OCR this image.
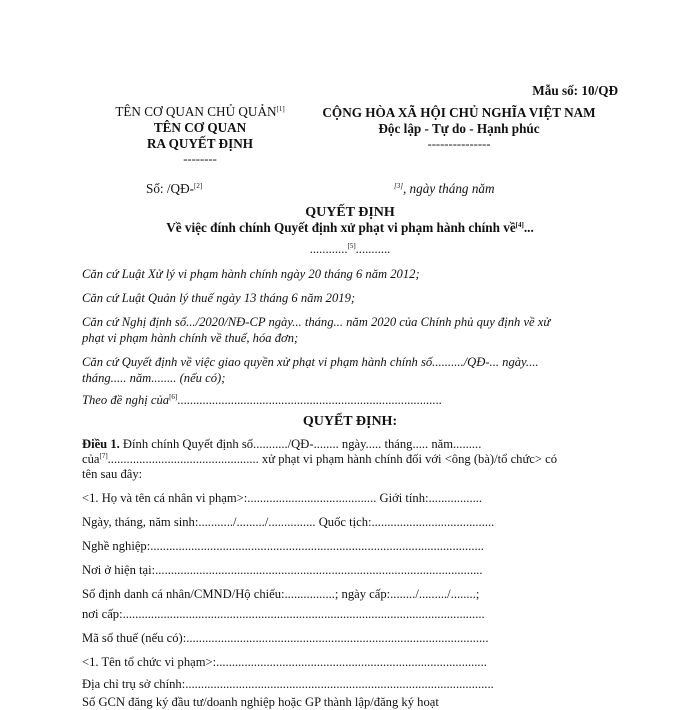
Mẫu số: 10/QĐ
TÊN CƠ QUAN CHỦ QUẢN[1]
TÊN CƠ QUAN
RA QUYẾT ĐỊNH
--------
CỘNG HÒA XÃ HỘI CHỦ NGHĨA VIỆT NAM
Độc lập - Tự do - Hạnh phúc
---------------
Số: /QĐ-[2]	[3], ngày tháng năm
QUYẾT ĐỊNH
Về việc đính chính Quyết định xử phạt vi phạm hành chính về[4]...
............[5]...........
Căn cứ Luật Xử lý vi phạm hành chính ngày 20 tháng 6 năm 2012;
Căn cứ Luật Quản lý thuế ngày 13 tháng 6 năm 2019;
Căn cứ Nghị định số.../2020/NĐ-CP ngày... tháng... năm 2020 của Chính phủ quy định về xử
phạt vi phạm hành chính về thuế, hóa đơn;
Căn cứ Quyết định về việc giao quyền xử phạt vi phạm hành chính số........../QĐ-... ngày....
tháng..... năm........ (nếu có);
Theo đề nghị của[6]....................................................................................
QUYẾT ĐỊNH:
Điều 1. Đính chính Quyết định số.........../QĐ-........ ngày..... tháng..... năm.........
của[7]................................................ xử phạt vi phạm hành chính đối với <ông (bà)/tổ chức> có
tên sau đây:
<1. Họ và tên cá nhân vi phạm>:......................................... Giới tính:.................
Ngày, tháng, năm sinh:.........../........./............... Quốc tịch:.......................................
Nghề nghiệp:..........................................................................................................
Nơi ở hiện tại:........................................................................................................
Số định danh cá nhân/CMND/Hộ chiếu:................; ngày cấp:......../........./........;
nơi cấp:...................................................................................................................
Mã số thuế (nếu có):................................................................................................
<1. Tên tổ chức vi phạm>:......................................................................................
Địa chỉ trụ sở chính:..................................................................................................
Số GCN đăng ký đầu tư/doanh nghiệp hoặc GP thành lập/đăng ký hoạt
